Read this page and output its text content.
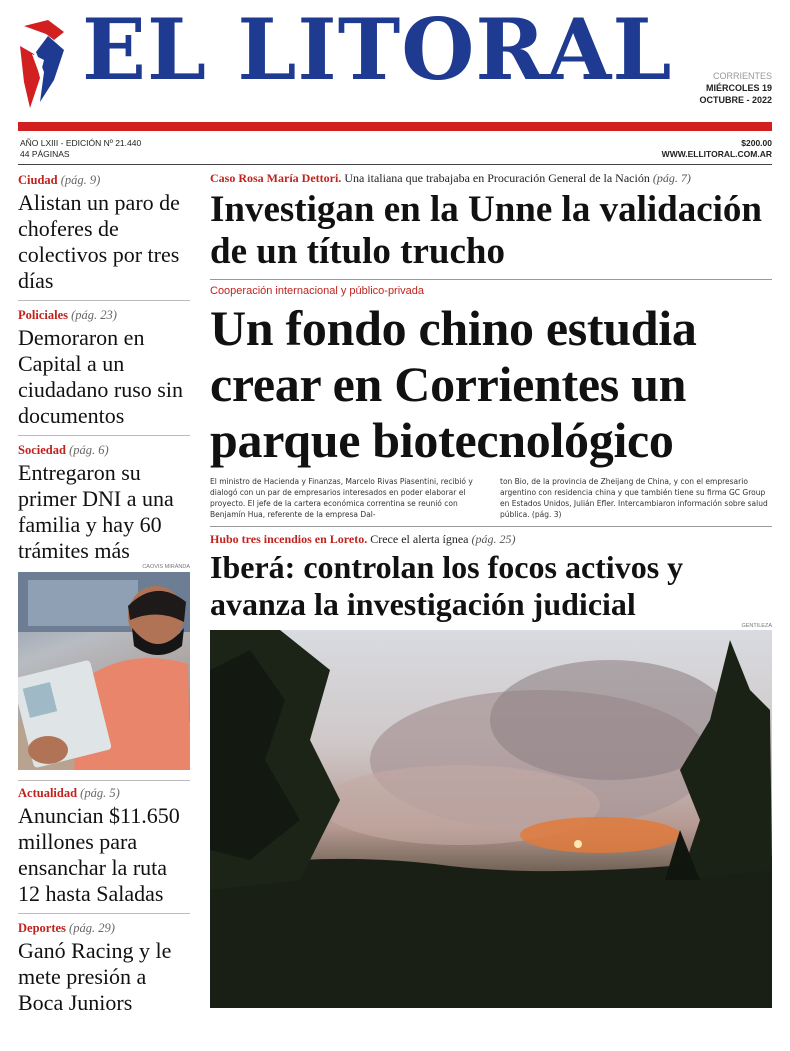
EL LITORAL	CORRIENTES
MIÉRCOLES 19
OCTUBRE - 2022
AÑO LXIII - EDICIÓN Nº 21.440
44 PÁGINAS
$200.00
WWW.ELLITORAL.COM.AR
Ciudad (pág. 9)
Alistan un paro de choferes de colectivos por tres días
Policiales (pág. 23)
Demoraron en Capital a un ciudadano ruso sin documentos
Sociedad (pág. 6)
Entregaron su primer DNI a una familia y hay 60 trámites más
CAOVIS MIRÁNDA
Actualidad (pág. 5)
Anuncian $11.650 millones para ensanchar la ruta 12 hasta Saladas
Deportes (pág. 29)
Ganó Racing y le mete presión a Boca Juniors
Caso Rosa María Dettori. Una italiana que trabajaba en Procuración General de la Nación (pág. 7)
Investigan en la Unne la validación de un título trucho
Cooperación internacional y público-privada
Un fondo chino estudia crear en Corrientes un parque biotecnológico
El ministro de Hacienda y Finanzas, Marcelo Rivas Piasentini, recibió y dialogó con un par de empresarios interesados en poder elaborar el proyecto. El jefe de la cartera económica correntina se reunió con Benjamín Hua, referente de la empresa Dal-
ton Bio, de la provincia de Zheijang de China, y con el empresario argentino con residencia china y que también tiene su firma GC Group en Estados Unidos, Julián Efler. Intercambiaron información sobre salud pública. (pág. 3)
Hubo tres incendios en Loreto. Crece el alerta ígnea (pág. 25)
Iberá: controlan los focos activos y avanza la investigación judicial
GENTILEZA
